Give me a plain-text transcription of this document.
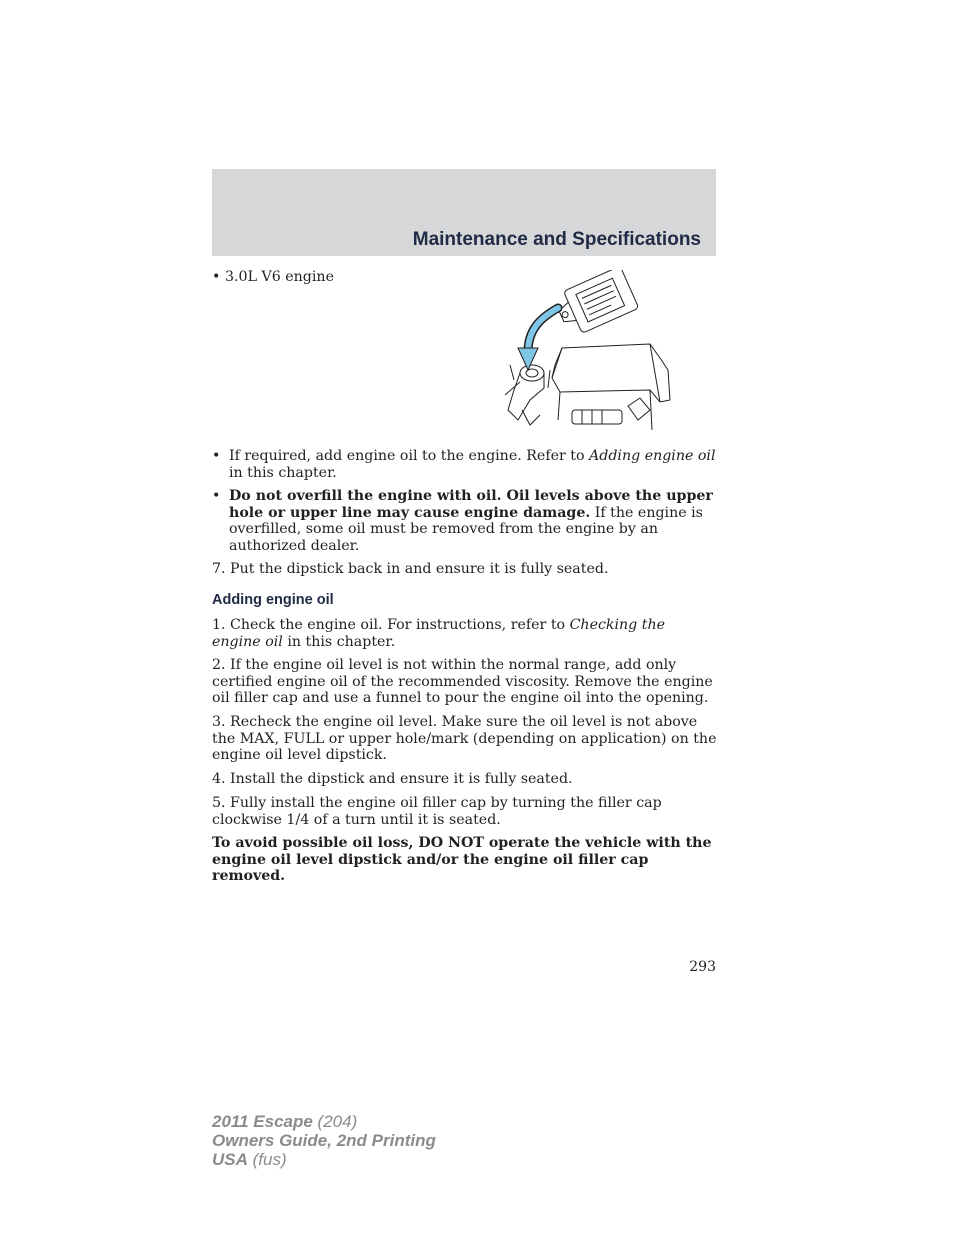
Maintenance and Specifications
• 3.0L V6 engine
• If required, add engine oil to the engine. Refer to Adding engine oil in this chapter.
• Do not overfill the engine with oil. Oil levels above the upper hole or upper line may cause engine damage. If the engine is overfilled, some oil must be removed from the engine by an authorized dealer.

7. Put the dipstick back in and ensure it is fully seated.

Adding engine oil

1. Check the engine oil. For instructions, refer to Checking the engine oil in this chapter.

2. If the engine oil level is not within the normal range, add only certified engine oil of the recommended viscosity. Remove the engine oil filler cap and use a funnel to pour the engine oil into the opening.

3. Recheck the engine oil level. Make sure the oil level is not above the MAX, FULL or upper hole/mark (depending on application) on the engine oil level dipstick.

4. Install the dipstick and ensure it is fully seated.

5. Fully install the engine oil filler cap by turning the filler cap clockwise 1/4 of a turn until it is seated.

To avoid possible oil loss, DO NOT operate the vehicle with the engine oil level dipstick and/or the engine oil filler cap removed.

293
2011 Escape (204)
Owners Guide, 2nd Printing
USA (fus)
